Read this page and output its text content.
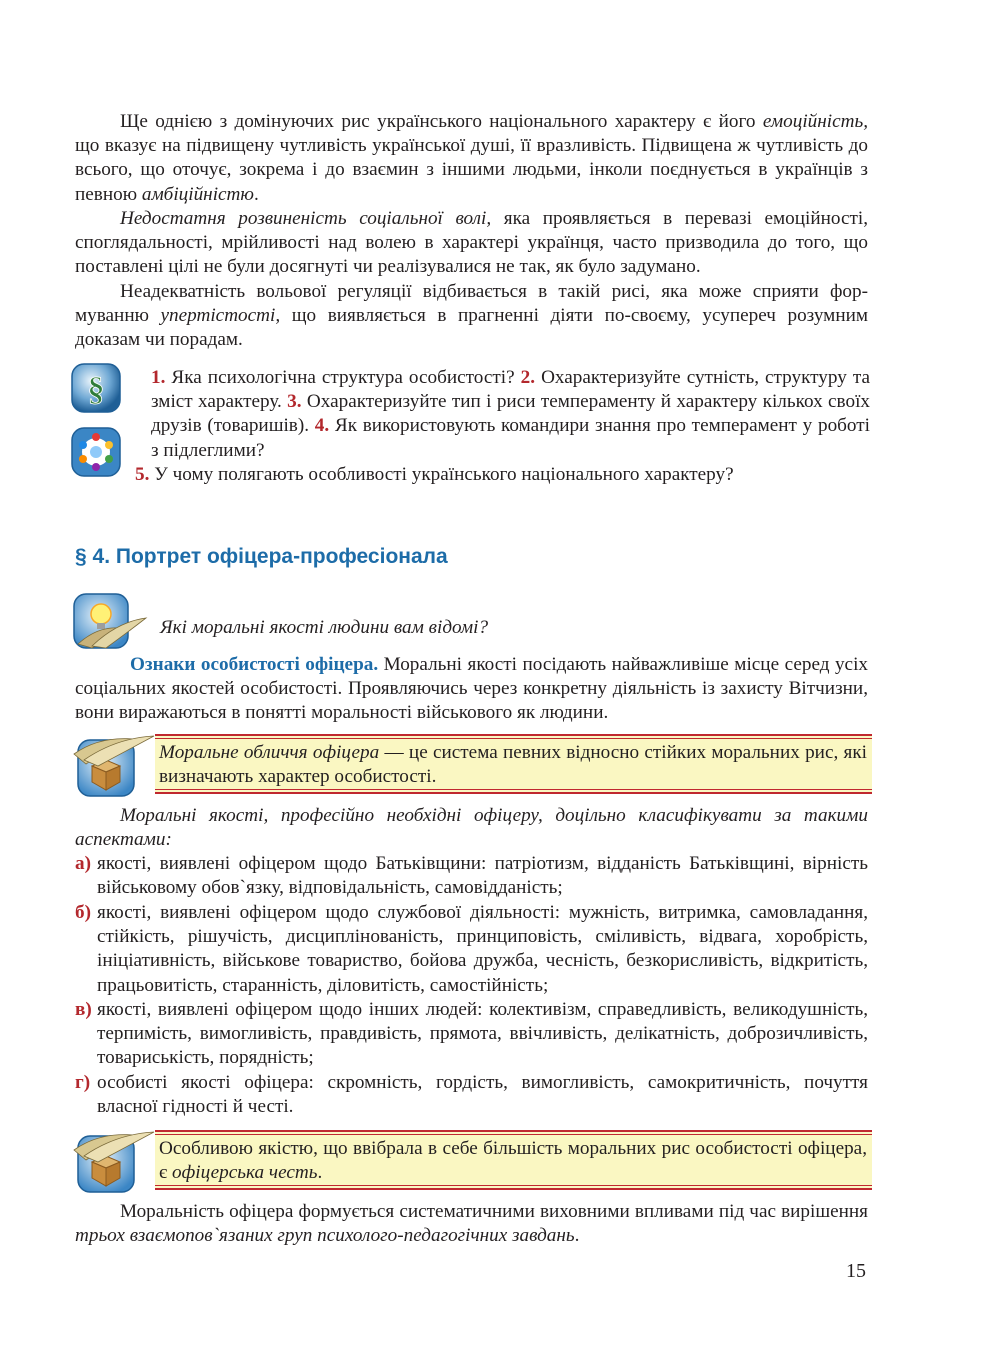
Ще однією з домінуючих рис українського національного характеру є його емоційність, що вказує на підвищену чутливість української душі, її вразливість. Підвищена ж чутливість до всього, що оточує, зокрема і до взаємин з іншими людьми, інколи поєднується в українців з певною амбіційністю.

Недостатня розвиненість соціальної волі, яка проявляється в перевазі емоційності, споглядальності, мрійливості над волею в характері українця, часто призводила до того, що поставлені цілі не були досягнуті чи реалізувалися не так, як було задумано.

Неадекватність вольової регуляції відбивається в такій рисі, яка може сприяти формуванню упертістості, що виявляється в прагненні діяти по-своєму, усупереч розумним доказам чи порадам.

§ 1. Яка психологічна структура особистості? 2. Охарактеризуйте сутність, структуру та зміст характеру. 3. Охарактеризуйте тип і риси темпераменту й характеру кількох своїх друзів (товаришів). 4. Як використовують командири знання про темперамент у роботі з підлеглими?
5. У чому полягають особливості українського національного характеру?
§ 4. Портрет офіцера-професіонала

Які моральні якості людини вам відомі?

Ознаки особистості офіцера. Моральні якості посідають найважливіше місце серед усіх соціальних якостей особистості. Проявляючись через конкретну діяльність із захисту Вітчизни, вони виражаються в понятті моральності військового як людини.

Моральне обличчя офіцера — це система певних відносно стійких моральних рис, які визначають характер особистості.

Моральні якості, професійно необхідні офіцеру, доцільно класифікувати за такими аспектами:

а) якості, виявлені офіцером щодо Батьківщини: патріотизм, відданість Батьківщині, вірність військовому обов`язку, відповідальність, самовідданість;
б) якості, виявлені офіцером щодо службової діяльності: мужність, витримка, самовладання, стійкість, рішучість, дисциплінованість, принциповість, сміливість, відвага, хоробрість, ініціативність, військове товариство, бойова дружба, чесність, безкорисливість, відкритість, працьовитість, старанність, діловитість, самостійність;
в) якості, виявлені офіцером щодо інших людей: колективізм, справедливість, великодушність, терпимість, вимогливість, правдивість, прямота, ввічливість, делікатність, доброзичливість, товариськість, порядність;
г) особисті якості офіцера: скромність, гордість, вимогливість, самокритичність, почуття власної гідності й честі.
Особливою якістю, що ввібрала в себе більшість моральних рис особистості офіцера, є офіцерська честь.

Моральність офіцера формується систематичними виховними впливами під час вирішення трьох взаємопов`язаних груп психолого-педагогічних завдань.

15
